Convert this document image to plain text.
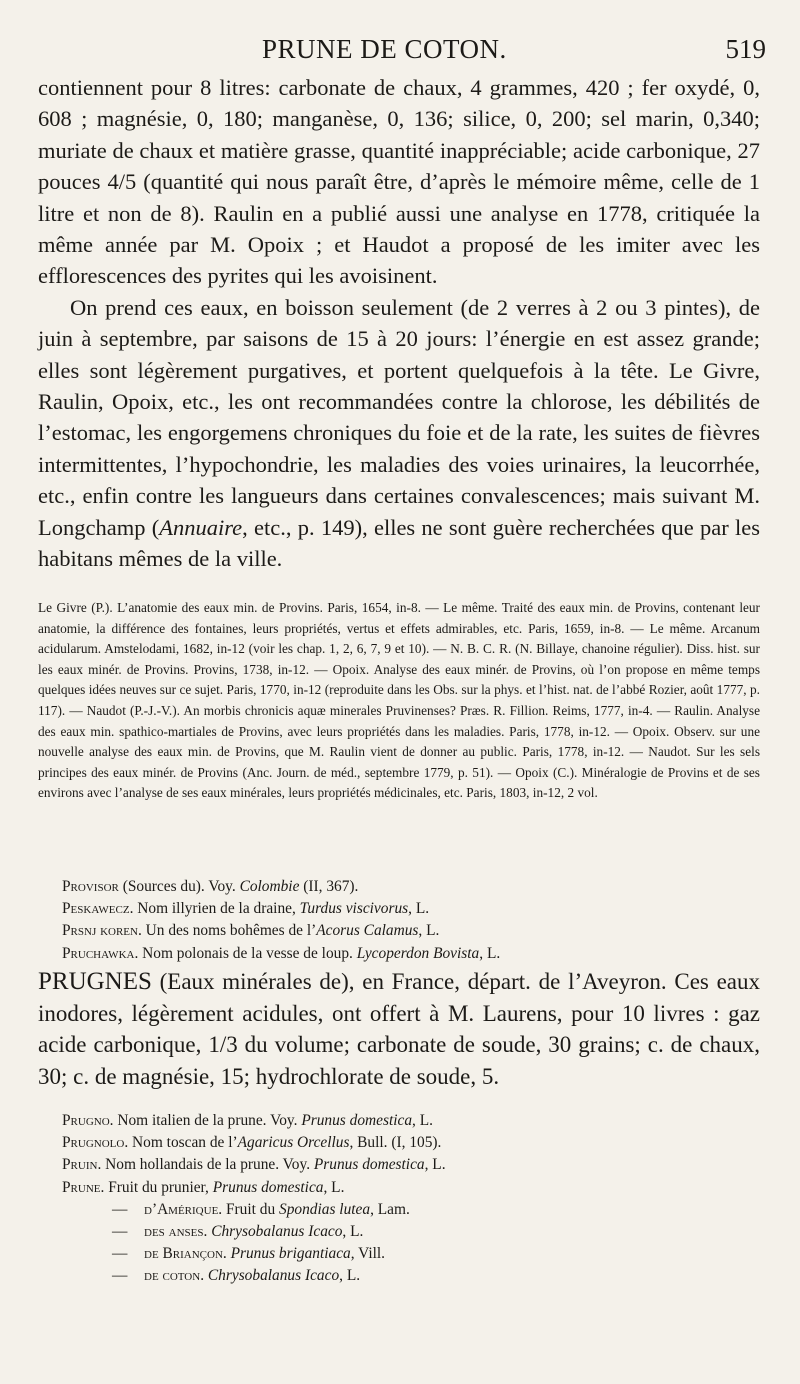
PRUNE DE COTON.	519

contiennent pour 8 litres: carbonate de chaux, 4 grammes, 420 ; fer oxydé, 0, 608 ; magnésie, 0, 180; manganèse, 0, 136; silice, 0, 200; sel marin, 0,340; muriate de chaux et matière grasse, quantité inappréciable; acide carbonique, 27 pouces 4/5 (quantité qui nous paraît être, d’après le mémoire même, celle de 1 litre et non de 8). Raulin en a publié aussi une analyse en 1778, critiquée la même année par M. Opoix ; et Haudot a proposé de les imiter avec les efflorescences des pyrites qui les avoisinent.

On prend ces eaux, en boisson seulement (de 2 verres à 2 ou 3 pintes), de juin à septembre, par saisons de 15 à 20 jours: l’énergie en est assez grande; elles sont légèrement purgatives, et portent quelquefois à la tête. Le Givre, Raulin, Opoix, etc., les ont recommandées contre la chlorose, les débilités de l’estomac, les engorgemens chroniques du foie et de la rate, les suites de fièvres intermittentes, l’hypochondrie, les maladies des voies urinaires, la leucorrhée, etc., enfin contre les langueurs dans certaines convalescences; mais suivant M. Longchamp (Annuaire, etc., p. 149), elles ne sont guère recherchées que par les habitans mêmes de la ville.

Le Givre (P.). L’anatomie des eaux min. de Provins. Paris, 1654, in-8. — Le même. Traité des eaux min. de Provins, contenant leur anatomie, la différence des fontaines, leurs propriétés, vertus et effets admirables, etc. Paris, 1659, in-8. — Le même. Arcanum acidularum. Amstelodami, 1682, in-12 (voir les chap. 1, 2, 6, 7, 9 et 10). — N. B. C. R. (N. Billaye, chanoine régulier). Diss. hist. sur les eaux minér. de Provins. Provins, 1738, in-12. — Opoix. Analyse des eaux minér. de Provins, où l’on propose en même temps quelques idées neuves sur ce sujet. Paris, 1770, in-12 (reproduite dans les Obs. sur la phys. et l’hist. nat. de l’abbé Rozier, août 1777, p. 117). — Naudot (P.-J.-V.). An morbis chronicis aquæ minerales Pruvinenses? Præs. R. Fillion. Reims, 1777, in-4. — Raulin. Analyse des eaux min. spathico-martiales de Provins, avec leurs propriétés dans les maladies. Paris, 1778, in-12. — Opoix. Observ. sur une nouvelle analyse des eaux min. de Provins, que M. Raulin vient de donner au public. Paris, 1778, in-12. — Naudot. Sur les sels principes des eaux minér. de Provins (Anc. Journ. de méd., septembre 1779, p. 51). — Opoix (C.). Minéralogie de Provins et de ses environs avec l’analyse de ses eaux minérales, leurs propriétés médicinales, etc. Paris, 1803, in-12, 2 vol.

Provisor (Sources du). Voy. Colombie (II, 367).
Peskawecz. Nom illyrien de la draine, Turdus viscivorus, L.
Prsnj koren. Un des noms bohêmes de l’Acorus Calamus, L.
Pruchawka. Nom polonais de la vesse de loup. Lycoperdon Bovista, L.

PRUGNES (Eaux minérales de), en France, départ. de l’Aveyron. Ces eaux inodores, légèrement acidules, ont offert à M. Laurens, pour 10 livres : gaz acide carbonique, 1/3 du volume; carbonate de soude, 30 grains; c. de chaux, 30; c. de magnésie, 15; hydrochlorate de soude, 5.

Prugno. Nom italien de la prune. Voy. Prunus domestica, L.
Prugnolo. Nom toscan de l’Agaricus Orcellus, Bull. (I, 105).
Pruin. Nom hollandais de la prune. Voy. Prunus domestica, L.
Prune. Fruit du prunier, Prunus domestica, L.
— d’Amérique. Fruit du Spondias lutea, Lam.
— des anses. Chrysobalanus Icaco, L.
— de Briançon. Prunus brigantiaca, Vill.
— de coton. Chrysobalanus Icaco, L.
